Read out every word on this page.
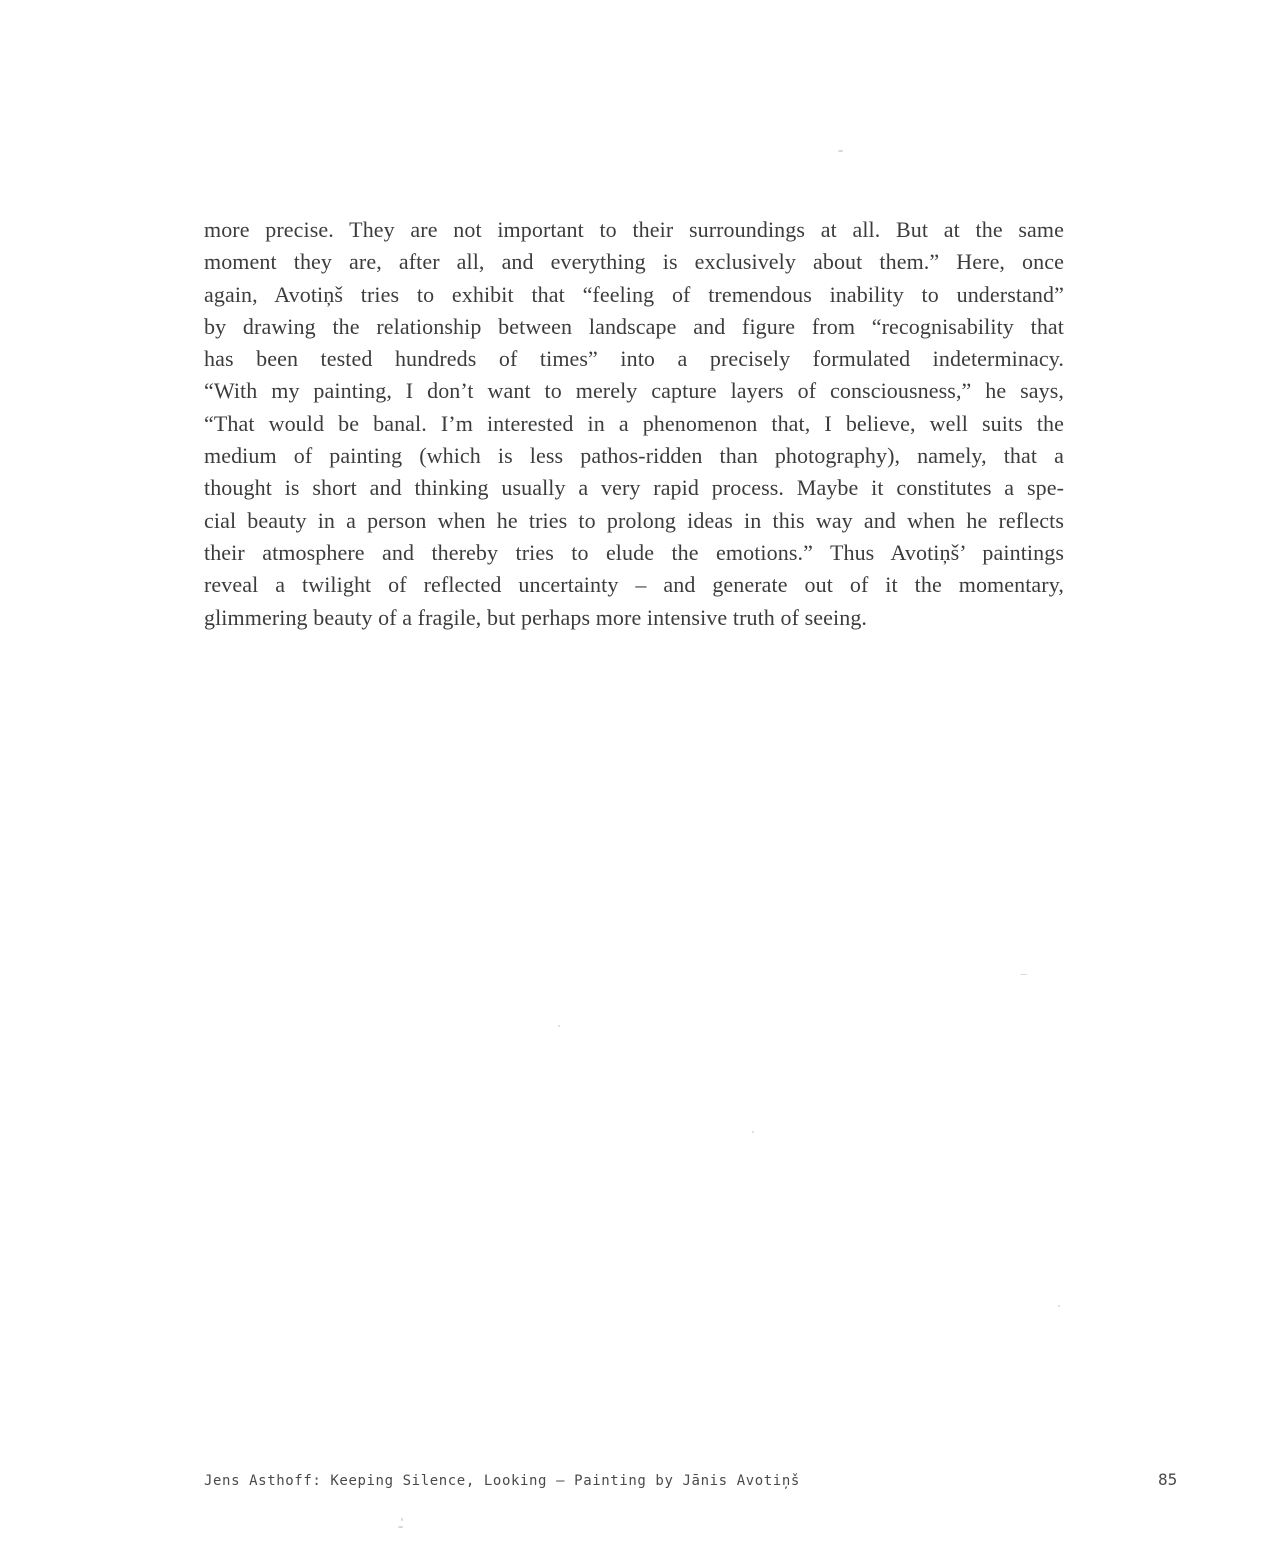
more precise. They are not important to their surroundings at all. But at the same
moment they are, after all, and everything is exclusively about them.” Here, once
again, Avotiņš tries to exhibit that “feeling of tremendous inability to understand”
by drawing the relationship between landscape and figure from “recognisability that
has been tested hundreds of times” into a precisely formulated indeterminacy.
“With my painting, I don’t want to merely capture layers of consciousness,” he says,
“That would be banal. I’m interested in a phenomenon that, I believe, well suits the
medium of painting (which is less pathos-ridden than photography), namely, that a
thought is short and thinking usually a very rapid process. Maybe it constitutes a spe-
cial beauty in a person when he tries to prolong ideas in this way and when he reflects
their atmosphere and thereby tries to elude the emotions.” Thus Avotiņš’ paintings
reveal a twilight of reflected uncertainty – and generate out of it the momentary,
glimmering beauty of a fragile, but perhaps more intensive truth of seeing.
Jens Asthoff: Keeping Silence, Looking – Painting by Jānis Avotiņš	85
